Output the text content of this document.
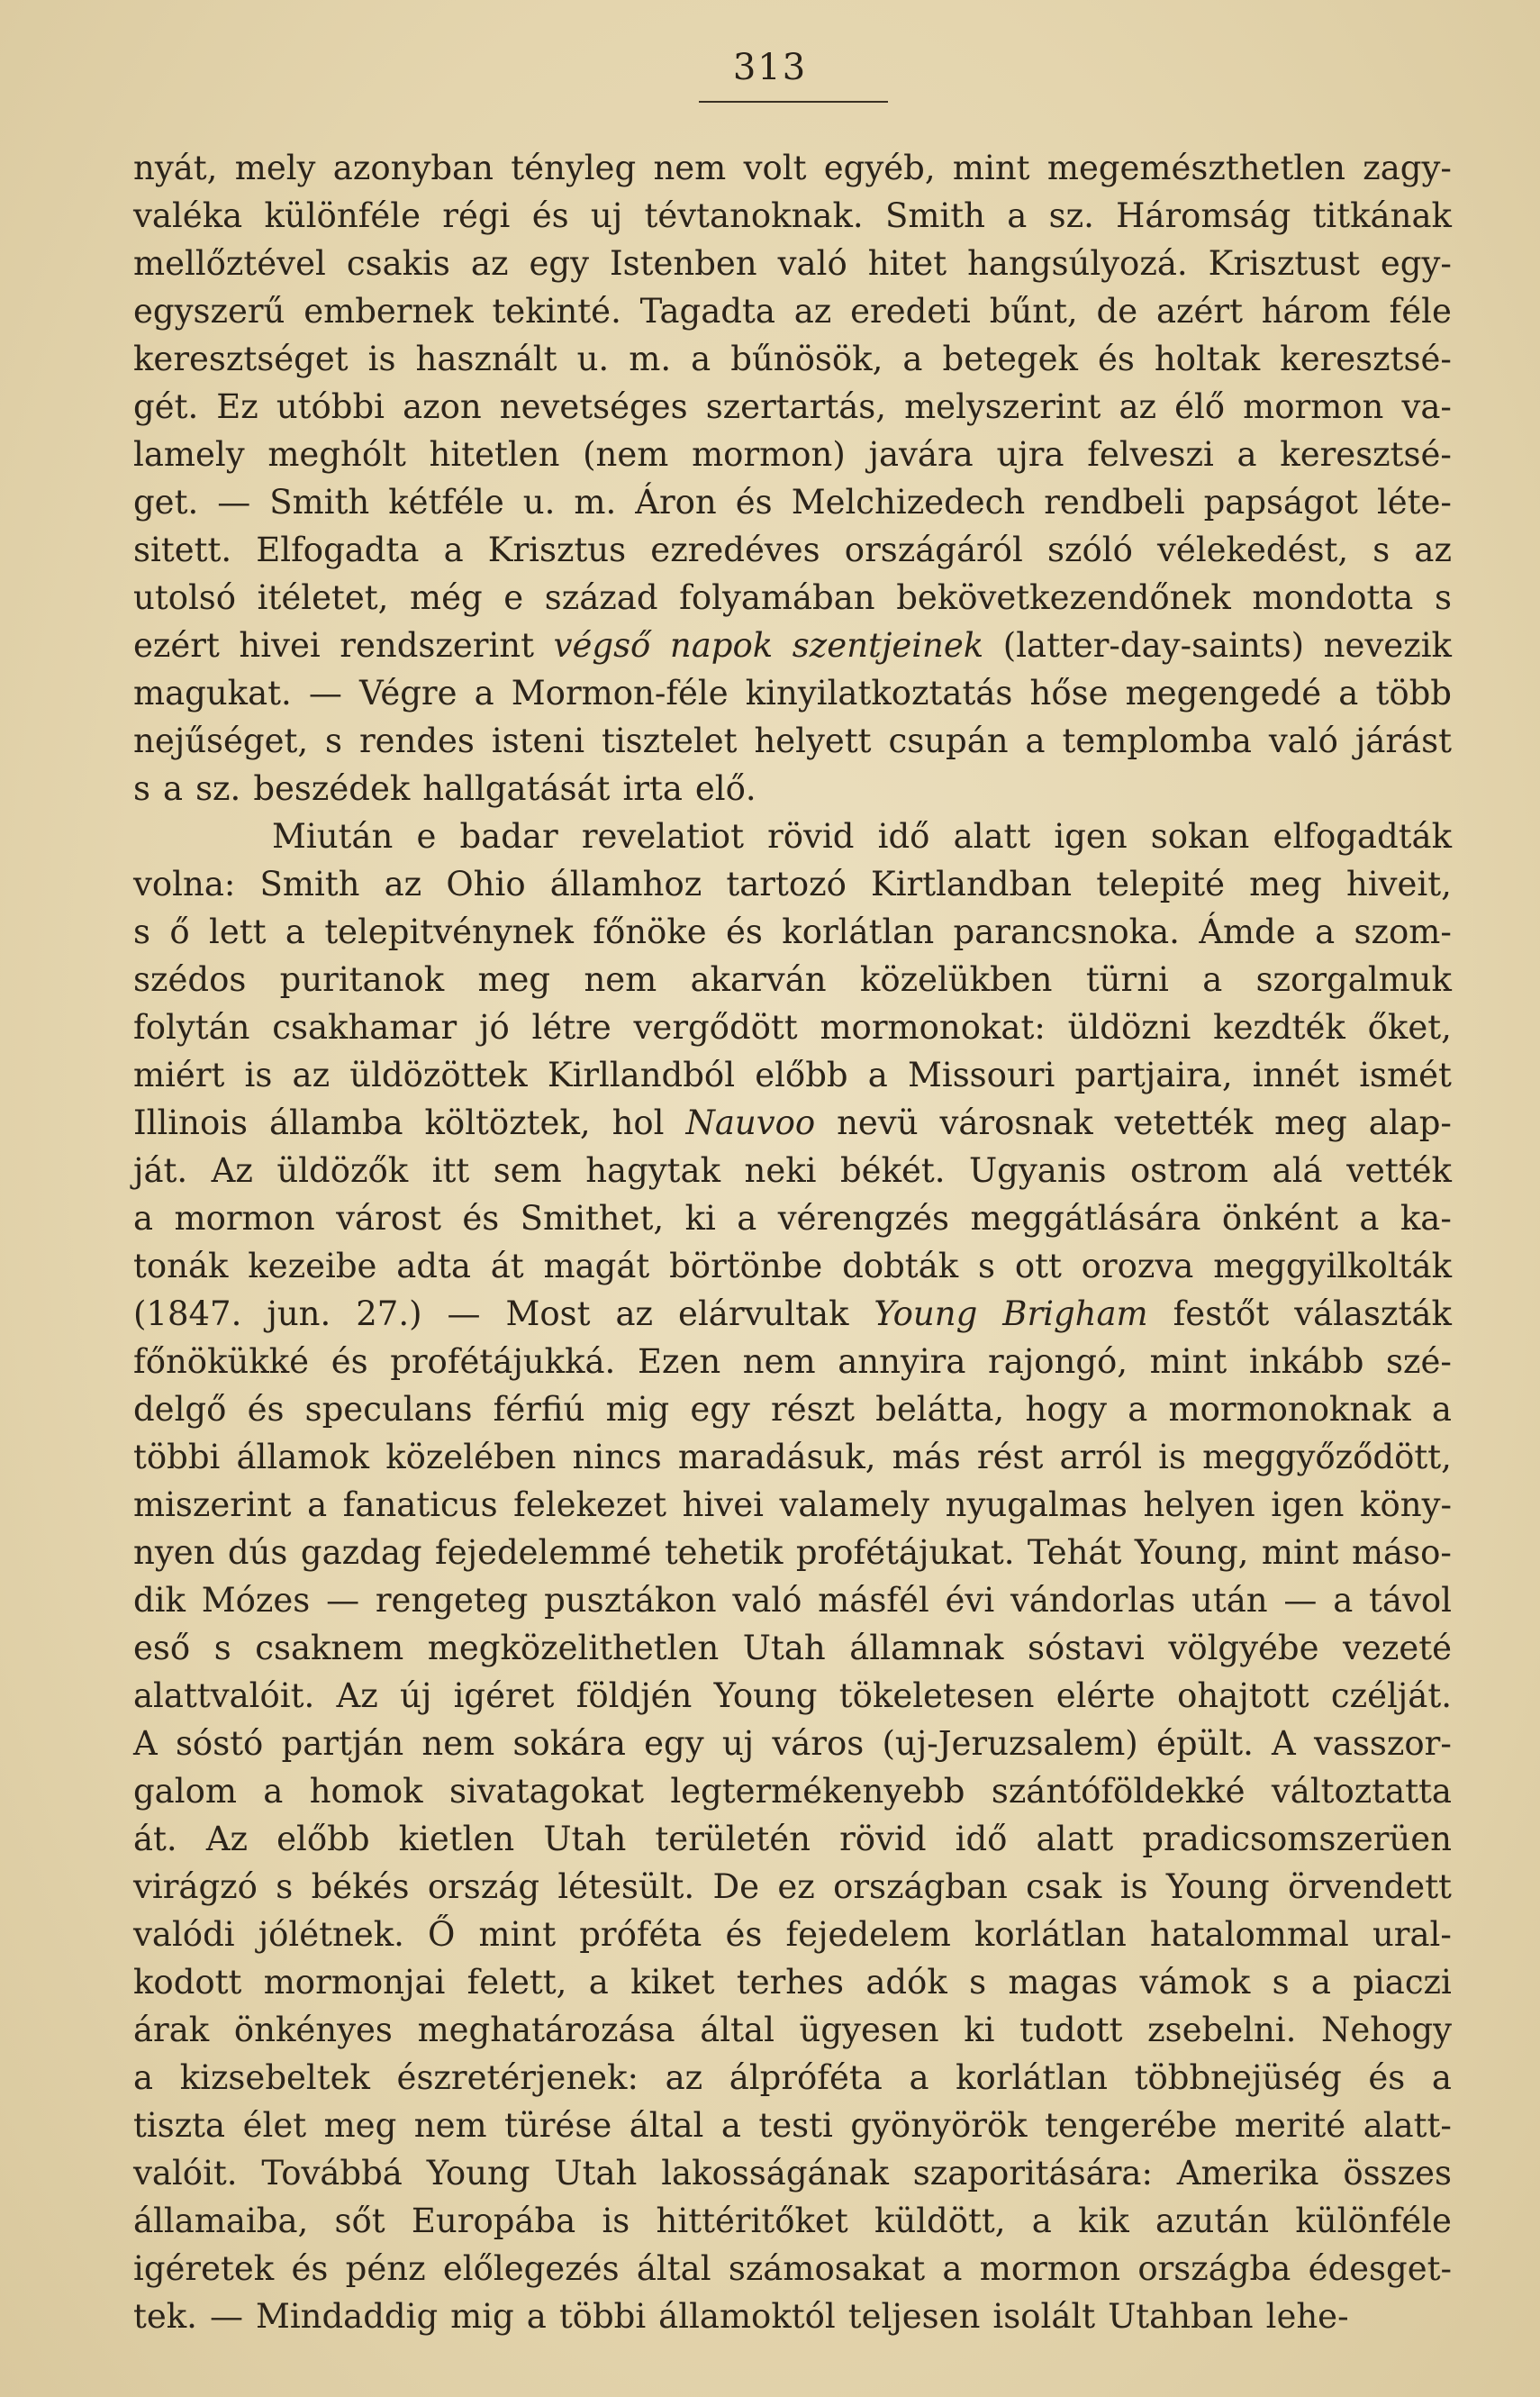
313
nyát, mely azonyban tényleg nem volt egyéb, mint megemészthetlen zagy-
valéka különféle régi és uj tévtanoknak. Smith a sz. Háromság titkának
mellőztével csakis az egy Istenben való hitet hangsúlyozá. Krisztust egy-
egyszerű embernek tekinté. Tagadta az eredeti bűnt, de azért három féle
keresztséget is használt u. m. a bűnösök, a betegek és holtak keresztsé-
gét. Ez utóbbi azon nevetséges szertartás, melyszerint az élő mormon va-
lamely meghólt hitetlen (nem mormon) javára ujra felveszi a keresztsé-
get. — Smith kétféle u. m. Áron és Melchizedech rendbeli papságot léte-
sitett. Elfogadta a Krisztus ezredéves országáról szóló vélekedést, s az
utolsó itéletet, még e század folyamában bekövetkezendőnek mondotta s
ezért hivei rendszerint végső napok szentjeinek (latter-day-saints) nevezik
magukat. — Végre a Mormon-féle kinyilatkoztatás hőse megengedé a több
nejűséget, s rendes isteni tisztelet helyett csupán a templomba való járást
s a sz. beszédek hallgatását irta elő.
Miután e badar revelatiot rövid idő alatt igen sokan elfogadták
volna: Smith az Ohio államhoz tartozó Kirtlandban telepité meg hiveit,
s ő lett a telepitvénynek főnöke és korlátlan parancsnoka. Ámde a szom-
szédos puritanok meg nem akarván közelükben türni a szorgalmuk
folytán csakhamar jó létre vergődött mormonokat: üldözni kezdték őket,
miért is az üldözöttek Kirllandból előbb a Missouri partjaira, innét ismét
Illinois államba költöztek, hol Nauvoo nevü városnak vetették meg alap-
ját. Az üldözők itt sem hagytak neki békét. Ugyanis ostrom alá vették
a mormon várost és Smithet, ki a vérengzés meggátlására önként a ka-
tonák kezeibe adta át magát börtönbe dobták s ott orozva meggyilkolták
(1847. jun. 27.) — Most az elárvultak Young Brigham festőt választák
főnökükké és profétájukká. Ezen nem annyira rajongó, mint inkább szé-
delgő és speculans férfiú mig egy részt belátta, hogy a mormonoknak a
többi államok közelében nincs maradásuk, más rést arról is meggyőződött,
miszerint a fanaticus felekezet hivei valamely nyugalmas helyen igen köny-
nyen dús gazdag fejedelemmé tehetik profétájukat. Tehát Young, mint máso-
dik Mózes — rengeteg pusztákon való másfél évi vándorlas után — a távol
eső s csaknem megközelithetlen Utah államnak sóstavi völgyébe vezeté
alattvalóit. Az új igéret földjén Young tökeletesen elérte ohajtott czélját.
A sóstó partján nem sokára egy uj város (uj-Jeruzsalem) épült. A vasszor-
galom a homok sivatagokat legtermékenyebb szántóföldekké változtatta
át. Az előbb kietlen Utah területén rövid idő alatt pradicsomszerüen
virágzó s békés ország létesült. De ez országban csak is Young örvendett
valódi jólétnek. Ő mint próféta és fejedelem korlátlan hatalommal ural-
kodott mormonjai felett, a kiket terhes adók s magas vámok s a piaczi
árak önkényes meghatározása által ügyesen ki tudott zsebelni. Nehogy
a kizsebeltek észretérjenek: az álpróféta a korlátlan többnejüség és a
tiszta élet meg nem türése által a testi gyönyörök tengerébe merité alatt-
valóit. Továbbá Young Utah lakosságának szaporitására: Amerika összes
államaiba, sőt Europába is hittéritőket küldött, a kik azután különféle
igéretek és pénz előlegezés által számosakat a mormon országba édesget-
tek. — Mindaddig mig a többi államoktól teljesen isolált Utahban lehe-
